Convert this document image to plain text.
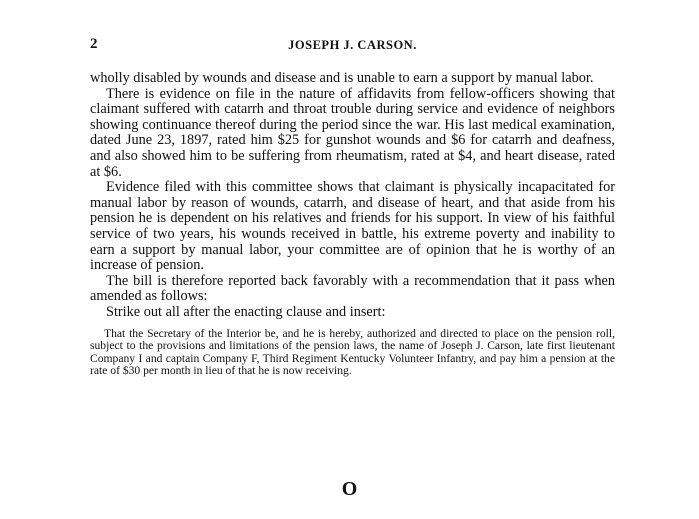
2	JOSEPH J. CARSON.

wholly disabled by wounds and disease and is unable to earn a support by manual labor.

There is evidence on file in the nature of affidavits from fellow-officers showing that claimant suffered with catarrh and throat trouble during service and evidence of neighbors showing continuance thereof during the period since the war. His last medical examination, dated June 23, 1897, rated him $25 for gunshot wounds and $6 for catarrh and deafness, and also showed him to be suffering from rheumatism, rated at $4, and heart disease, rated at $6.

Evidence filed with this committee shows that claimant is physically incapacitated for manual labor by reason of wounds, catarrh, and disease of heart, and that aside from his pension he is dependent on his relatives and friends for his support. In view of his faithful service of two years, his wounds received in battle, his extreme poverty and inability to earn a support by manual labor, your committee are of opinion that he is worthy of an increase of pension.

The bill is therefore reported back favorably with a recommendation that it pass when amended as follows:

Strike out all after the enacting clause and insert:

That the Secretary of the Interior be, and he is hereby, authorized and directed to place on the pension roll, subject to the provisions and limitations of the pension laws, the name of Joseph J. Carson, late first lieutenant Company I and captain Company F, Third Regiment Kentucky Volunteer Infantry, and pay him a pension at the rate of $30 per month in lieu of that he is now receiving.
O
